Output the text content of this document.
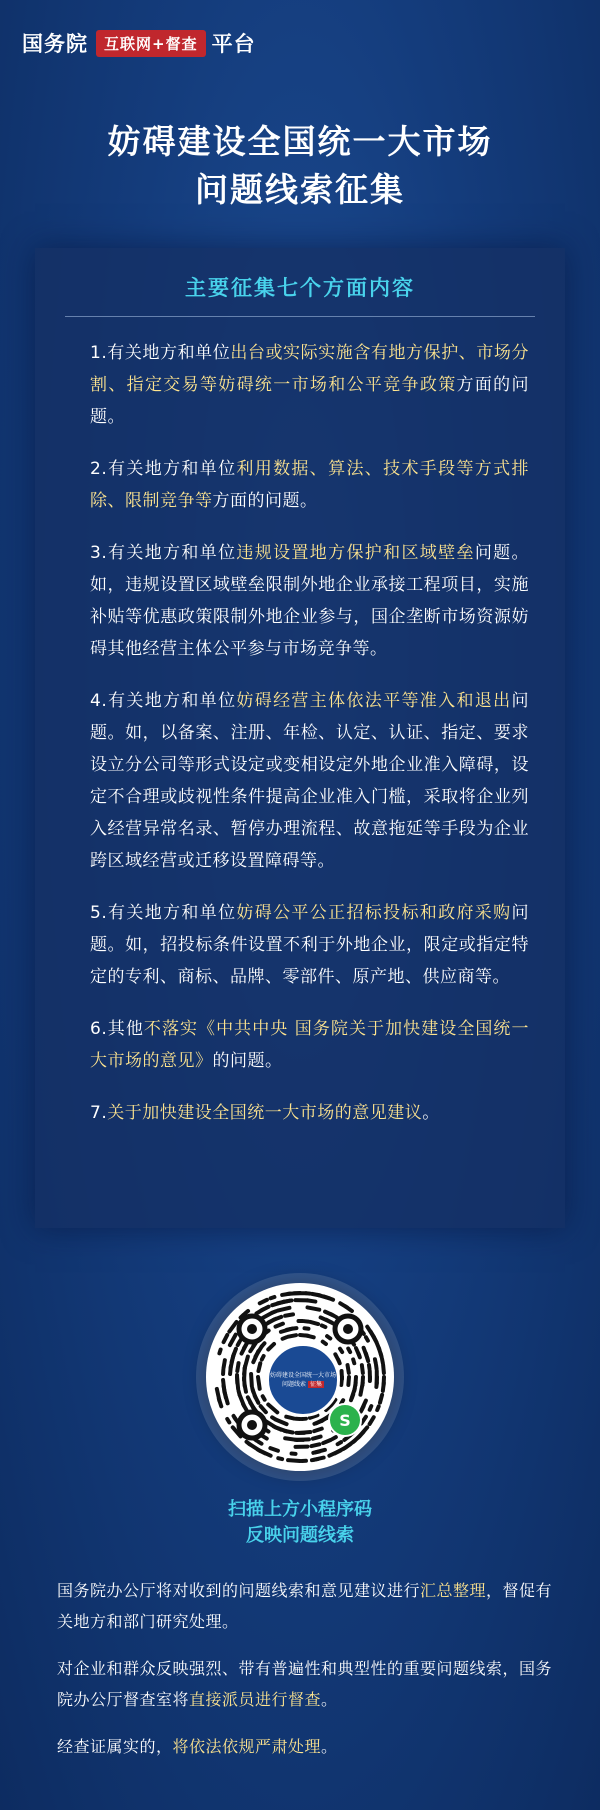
国务院	互联网+督查 平台
妨碍建设全国统一大市场
问题线索征集
主要征集七个方面内容
1.有关地方和单位出台或实际实施含有地方保护、市场分割、指定交易等妨碍统一市场和公平竞争政策方面的问题。
2.有关地方和单位利用数据、算法、技术手段等方式排除、限制竞争等方面的问题。
3.有关地方和单位违规设置地方保护和区域壁垒问题。如，违规设置区域壁垒限制外地企业承接工程项目，实施补贴等优惠政策限制外地企业参与，国企垄断市场资源妨碍其他经营主体公平参与市场竞争等。
4.有关地方和单位妨碍经营主体依法平等准入和退出问题。如，以备案、注册、年检、认定、认证、指定、要求设立分公司等形式设定或变相设定外地企业准入障碍，设定不合理或歧视性条件提高企业准入门槛，采取将企业列入经营异常名录、暂停办理流程、故意拖延等手段为企业跨区域经营或迁移设置障碍等。
5.有关地方和单位妨碍公平公正招标投标和政府采购问题。如，招投标条件设置不利于外地企业，限定或指定特定的专利、商标、品牌、零部件、原产地、供应商等。
6.其他不落实《中共中央 国务院关于加快建设全国统一大市场的意见》的问题。
7.关于加快建设全国统一大市场的意见建议。
妨碍建设全国统一大市场
问题线索 征集
S
扫描上方小程序码
反映问题线索

国务院办公厅将对收到的问题线索和意见建议进行汇总整理，督促有关地方和部门研究处理。

对企业和群众反映强烈、带有普遍性和典型性的重要问题线索，国务院办公厅督查室将直接派员进行督查。

经查证属实的，将依法依规严肃处理。
